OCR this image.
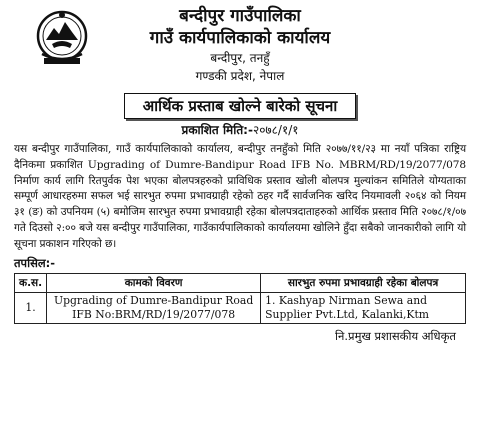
बन्दीपुर गाउँपालिका
गाउँ कार्यपालिकाको कार्यालय
बन्दीपुर, तनहुँ
गण्डकी प्रदेश, नेपाल
आर्थिक प्रस्ताब खोल्ने बारेको सूचना
प्रकाशित मिति:-२०७८/१/१
यस बन्दीपुर गाउँपालिका, गाउँ कार्यपालिकाको कार्यालय, बन्दीपुर तनहुँको मिति २०७७/११/२३ मा नयाँ पत्रिका राष्ट्रिय दैनिकमा प्रकाशित Upgrading of Dumre-Bandipur Road IFB No. MBRM/RD/19/2077/078 निर्माण कार्य लागि रितपुर्वक पेश भएका बोलपत्रहरुको प्राविधिक प्रस्ताव खोली बोलपत्र मुल्यांकन समितिले योग्यताका सम्पूर्ण आधारहरुमा सफल भई सारभुत रुपमा प्रभावग्राही रहेको ठहर गर्दै सार्वजनिक खरिद नियमावली २०६४ को नियम ३१ (ङ) को उपनियम (५) बमोजिम सारभुत रुपमा प्रभावग्राही रहेका बोलपत्रदाताहरुको आर्थिक प्रस्ताव मिति २०७८/१/०७ गते दिउसो २:०० बजे यस बन्दीपुर गाउँपालिका, गाउँकार्यपालिकाको कार्यालयमा खोलिने हुँदा सबैको जानकारीको लागि यो सूचना प्रकाशन गरिएको छ।
तपसिल:-
क.स.	कामको विवरण	सारभुत रुपमा प्रभावग्राही रहेका बोलपत्र
1.	Upgrading of Dumre-Bandipur Road IFB No:BRM/RD/19/2077/078	1. Kashyap Nirman Sewa and Supplier Pvt.Ltd, Kalanki,Ktm
नि.प्रमुख प्रशासकीय अधिकृत
